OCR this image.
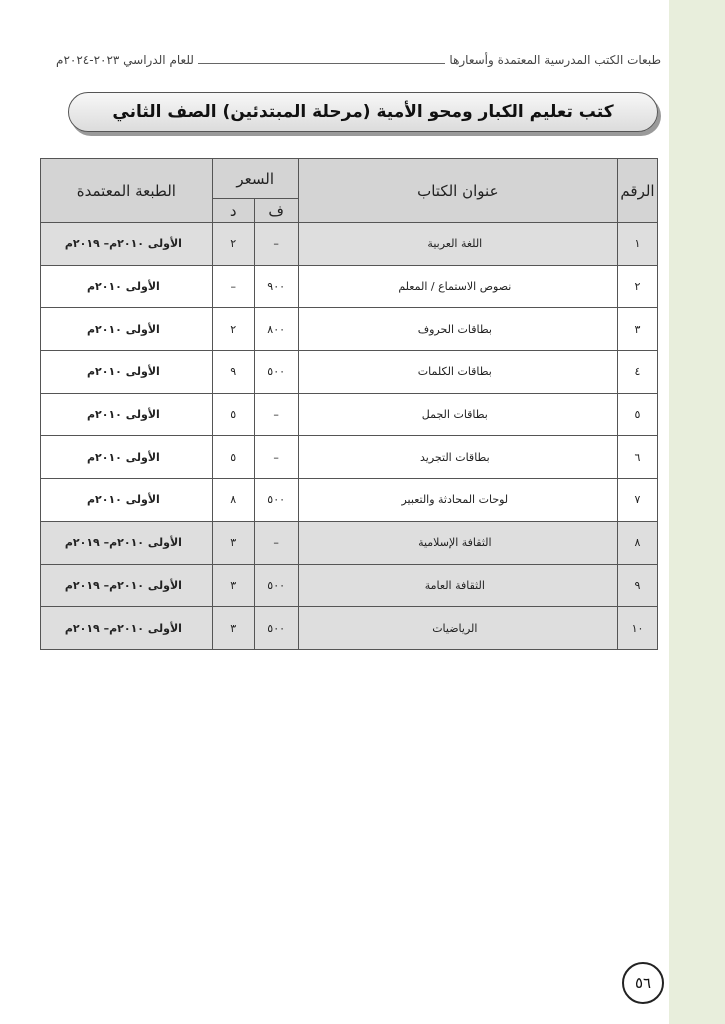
طبعات الكتب المدرسية المعتمدة وأسعارها
للعام الدراسي ٢٠٢٣-٢٠٢٤م
كتب تعليم الكبار ومحو الأمية (مرحلة المبتدئين) الصف الثاني
الرقم	عنوان الكتاب	السعر		الطبعة المعتمدة
		ف	د	
١	اللغة العربية	–	٢	الأولى ٢٠١٠م– ٢٠١٩م
٢	نصوص الاستماع / المعلم	٩٠٠	–	الأولى ٢٠١٠م
٣	بطاقات الحروف	٨٠٠	٢	الأولى ٢٠١٠م
٤	بطاقات الكلمات	٥٠٠	٩	الأولى ٢٠١٠م
٥	بطاقات الجمل	–	٥	الأولى ٢٠١٠م
٦	بطاقات التجريد	–	٥	الأولى ٢٠١٠م
٧	لوحات المحادثة والتعبير	٥٠٠	٨	الأولى ٢٠١٠م
٨	الثقافة الإسلامية	–	٣	الأولى ٢٠١٠م– ٢٠١٩م
٩	الثقافة العامة	٥٠٠	٣	الأولى ٢٠١٠م– ٢٠١٩م
١٠	الرياضيات	٥٠٠	٣	الأولى ٢٠١٠م– ٢٠١٩م
٥٦
